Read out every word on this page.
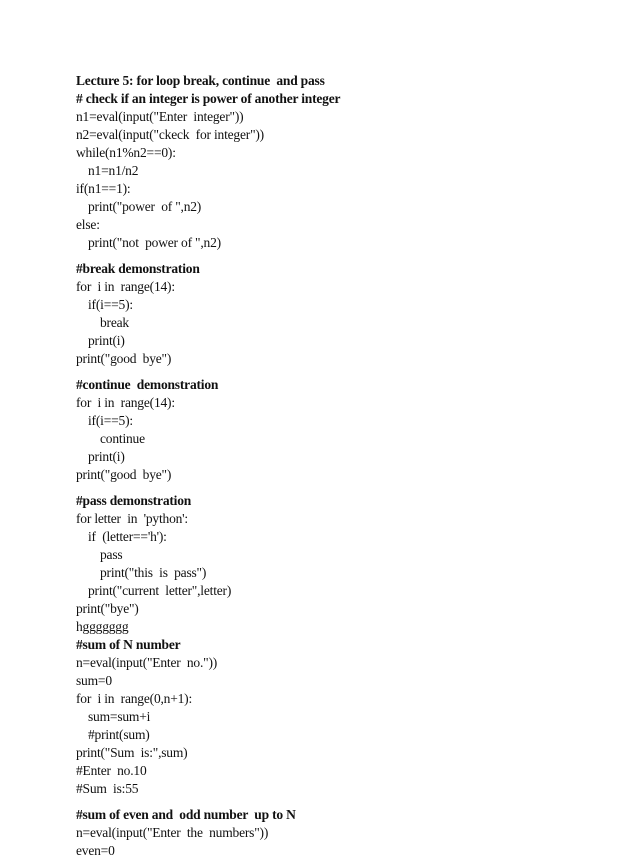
Lecture 5: for loop break, continue  and pass
# check if an integer is power of another integer
n1=eval(input("Enter  integer"))
n2=eval(input("ckeck  for integer"))
while(n1%n2==0):
n1=n1/n2
if(n1==1):
print("power  of ",n2)
else:
print("not  power of ",n2)
#break demonstration
for  i in  range(14):
if(i==5):
break
print(i)
print("good  bye")
#continue  demonstration
for  i in  range(14):
if(i==5):
continue
print(i)
print("good  bye")
#pass demonstration
for letter  in  'python':
if  (letter=='h'):
pass
print("this  is  pass")
print("current  letter",letter)
print("bye")
hggggggg
#sum of N number
n=eval(input("Enter  no."))
sum=0
for  i in  range(0,n+1):
sum=sum+i
#print(sum)
print("Sum  is:",sum)
#Enter  no.10
#Sum  is:55
#sum of even and  odd number  up to N
n=eval(input("Enter  the  numbers"))
even=0
